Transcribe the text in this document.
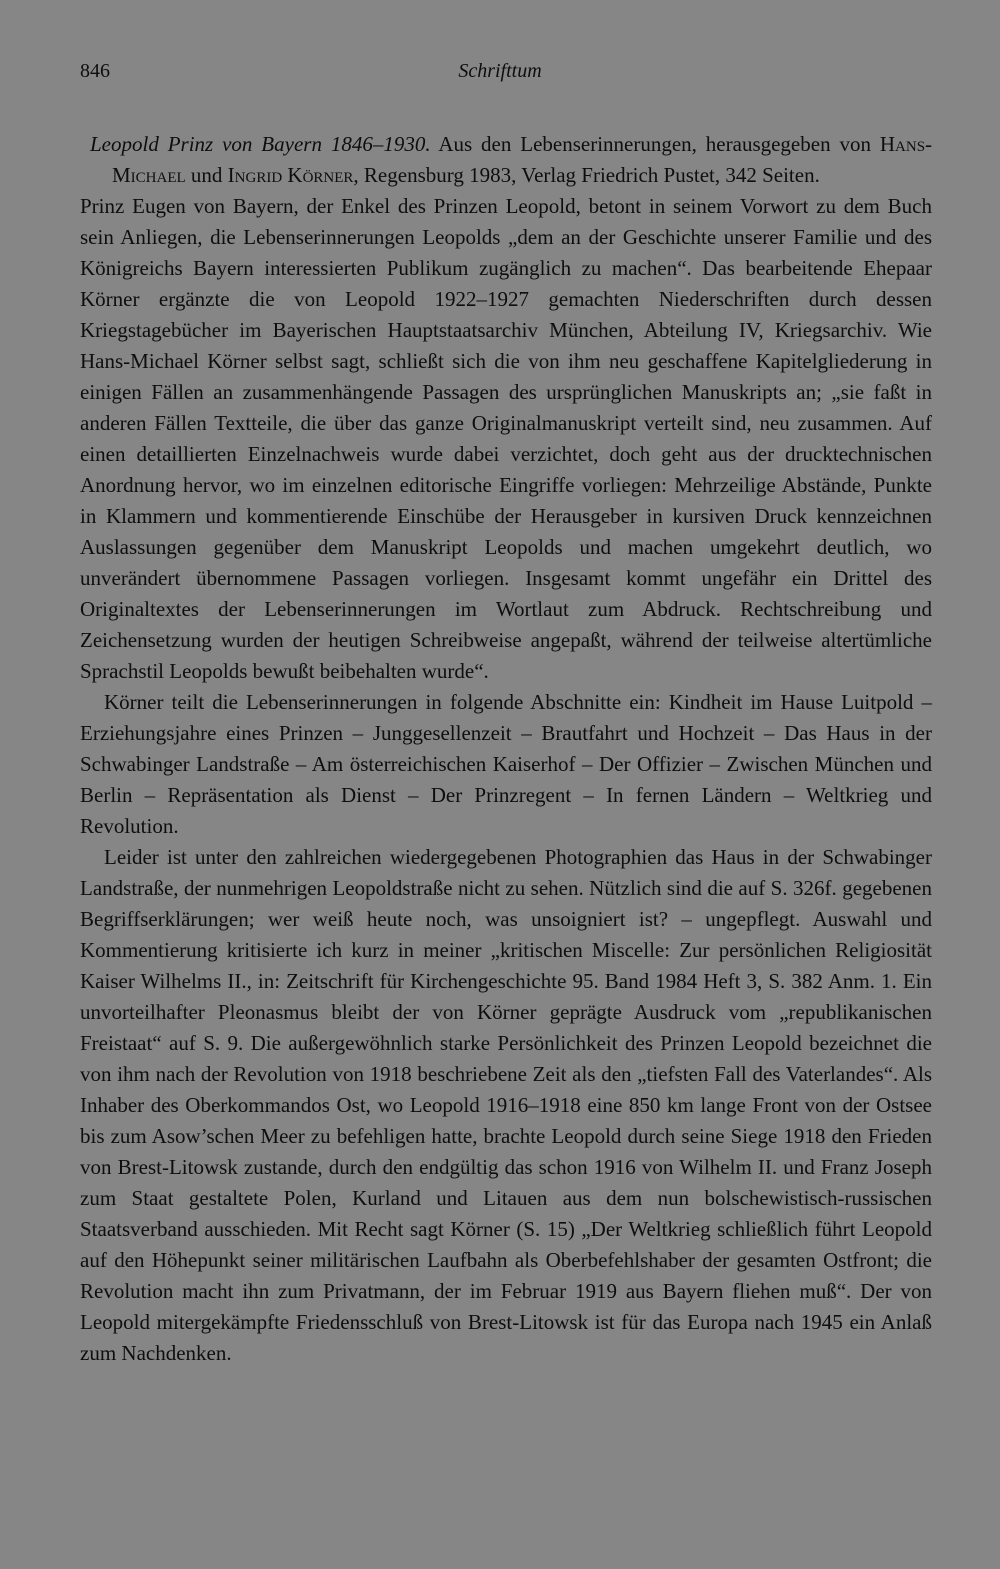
846	Schrifttum

Leopold Prinz von Bayern 1846–1930. Aus den Lebenserinnerungen, herausgegeben von Hans-Michael und Ingrid Körner, Regensburg 1983, Verlag Friedrich Pustet, 342 Seiten.

Prinz Eugen von Bayern, der Enkel des Prinzen Leopold, betont in seinem Vorwort zu dem Buch sein Anliegen, die Lebenserinnerungen Leopolds „dem an der Geschichte unserer Familie und des Königreichs Bayern interessierten Publikum zugänglich zu machen“. Das bearbeitende Ehepaar Körner ergänzte die von Leopold 1922–1927 gemachten Niederschriften durch dessen Kriegstagebücher im Bayerischen Hauptstaatsarchiv München, Abteilung IV, Kriegsarchiv. Wie Hans-Michael Körner selbst sagt, schließt sich die von ihm neu geschaffene Kapitelgliederung in einigen Fällen an zusammenhängende Passagen des ursprünglichen Manuskripts an; „sie faßt in anderen Fällen Textteile, die über das ganze Originalmanuskript verteilt sind, neu zusammen. Auf einen detaillierten Einzelnachweis wurde dabei verzichtet, doch geht aus der drucktechnischen Anordnung hervor, wo im einzelnen editorische Eingriffe vorliegen: Mehrzeilige Abstände, Punkte in Klammern und kommentierende Einschübe der Herausgeber in kursiven Druck kennzeichnen Auslassungen gegenüber dem Manuskript Leopolds und machen umgekehrt deutlich, wo unverändert übernommene Passagen vorliegen. Insgesamt kommt ungefähr ein Drittel des Originaltextes der Lebenserinnerungen im Wortlaut zum Abdruck. Rechtschreibung und Zeichensetzung wurden der heutigen Schreibweise angepaßt, während der teilweise altertümliche Sprachstil Leopolds bewußt beibehalten wurde“.

Körner teilt die Lebenserinnerungen in folgende Abschnitte ein: Kindheit im Hause Luitpold – Erziehungsjahre eines Prinzen – Junggesellenzeit – Brautfahrt und Hochzeit – Das Haus in der Schwabinger Landstraße – Am österreichischen Kaiserhof – Der Offizier – Zwischen München und Berlin – Repräsentation als Dienst – Der Prinzregent – In fernen Ländern – Weltkrieg und Revolution.

Leider ist unter den zahlreichen wiedergegebenen Photographien das Haus in der Schwabinger Landstraße, der nunmehrigen Leopoldstraße nicht zu sehen. Nützlich sind die auf S. 326f. gegebenen Begriffserklärungen; wer weiß heute noch, was unsoigniert ist? – ungepflegt. Auswahl und Kommentierung kritisierte ich kurz in meiner „kritischen Miscelle: Zur persönlichen Religiosität Kaiser Wilhelms II., in: Zeitschrift für Kirchengeschichte 95. Band 1984 Heft 3, S. 382 Anm. 1. Ein unvorteilhafter Pleonasmus bleibt der von Körner geprägte Ausdruck vom „republikanischen Freistaat“ auf S. 9. Die außergewöhnlich starke Persönlichkeit des Prinzen Leopold bezeichnet die von ihm nach der Revolution von 1918 beschriebene Zeit als den „tiefsten Fall des Vaterlandes“. Als Inhaber des Oberkommandos Ost, wo Leopold 1916–1918 eine 850 km lange Front von der Ostsee bis zum Asow’schen Meer zu befehligen hatte, brachte Leopold durch seine Siege 1918 den Frieden von Brest-Litowsk zustande, durch den endgültig das schon 1916 von Wilhelm II. und Franz Joseph zum Staat gestaltete Polen, Kurland und Litauen aus dem nun bolschewistisch-russischen Staatsverband ausschieden. Mit Recht sagt Körner (S. 15) „Der Weltkrieg schließlich führt Leopold auf den Höhepunkt seiner militärischen Laufbahn als Oberbefehlshaber der gesamten Ostfront; die Revolution macht ihn zum Privatmann, der im Februar 1919 aus Bayern fliehen muß“. Der von Leopold mitergekämpfte Friedensschluß von Brest-Litowsk ist für das Europa nach 1945 ein Anlaß zum Nachdenken.
